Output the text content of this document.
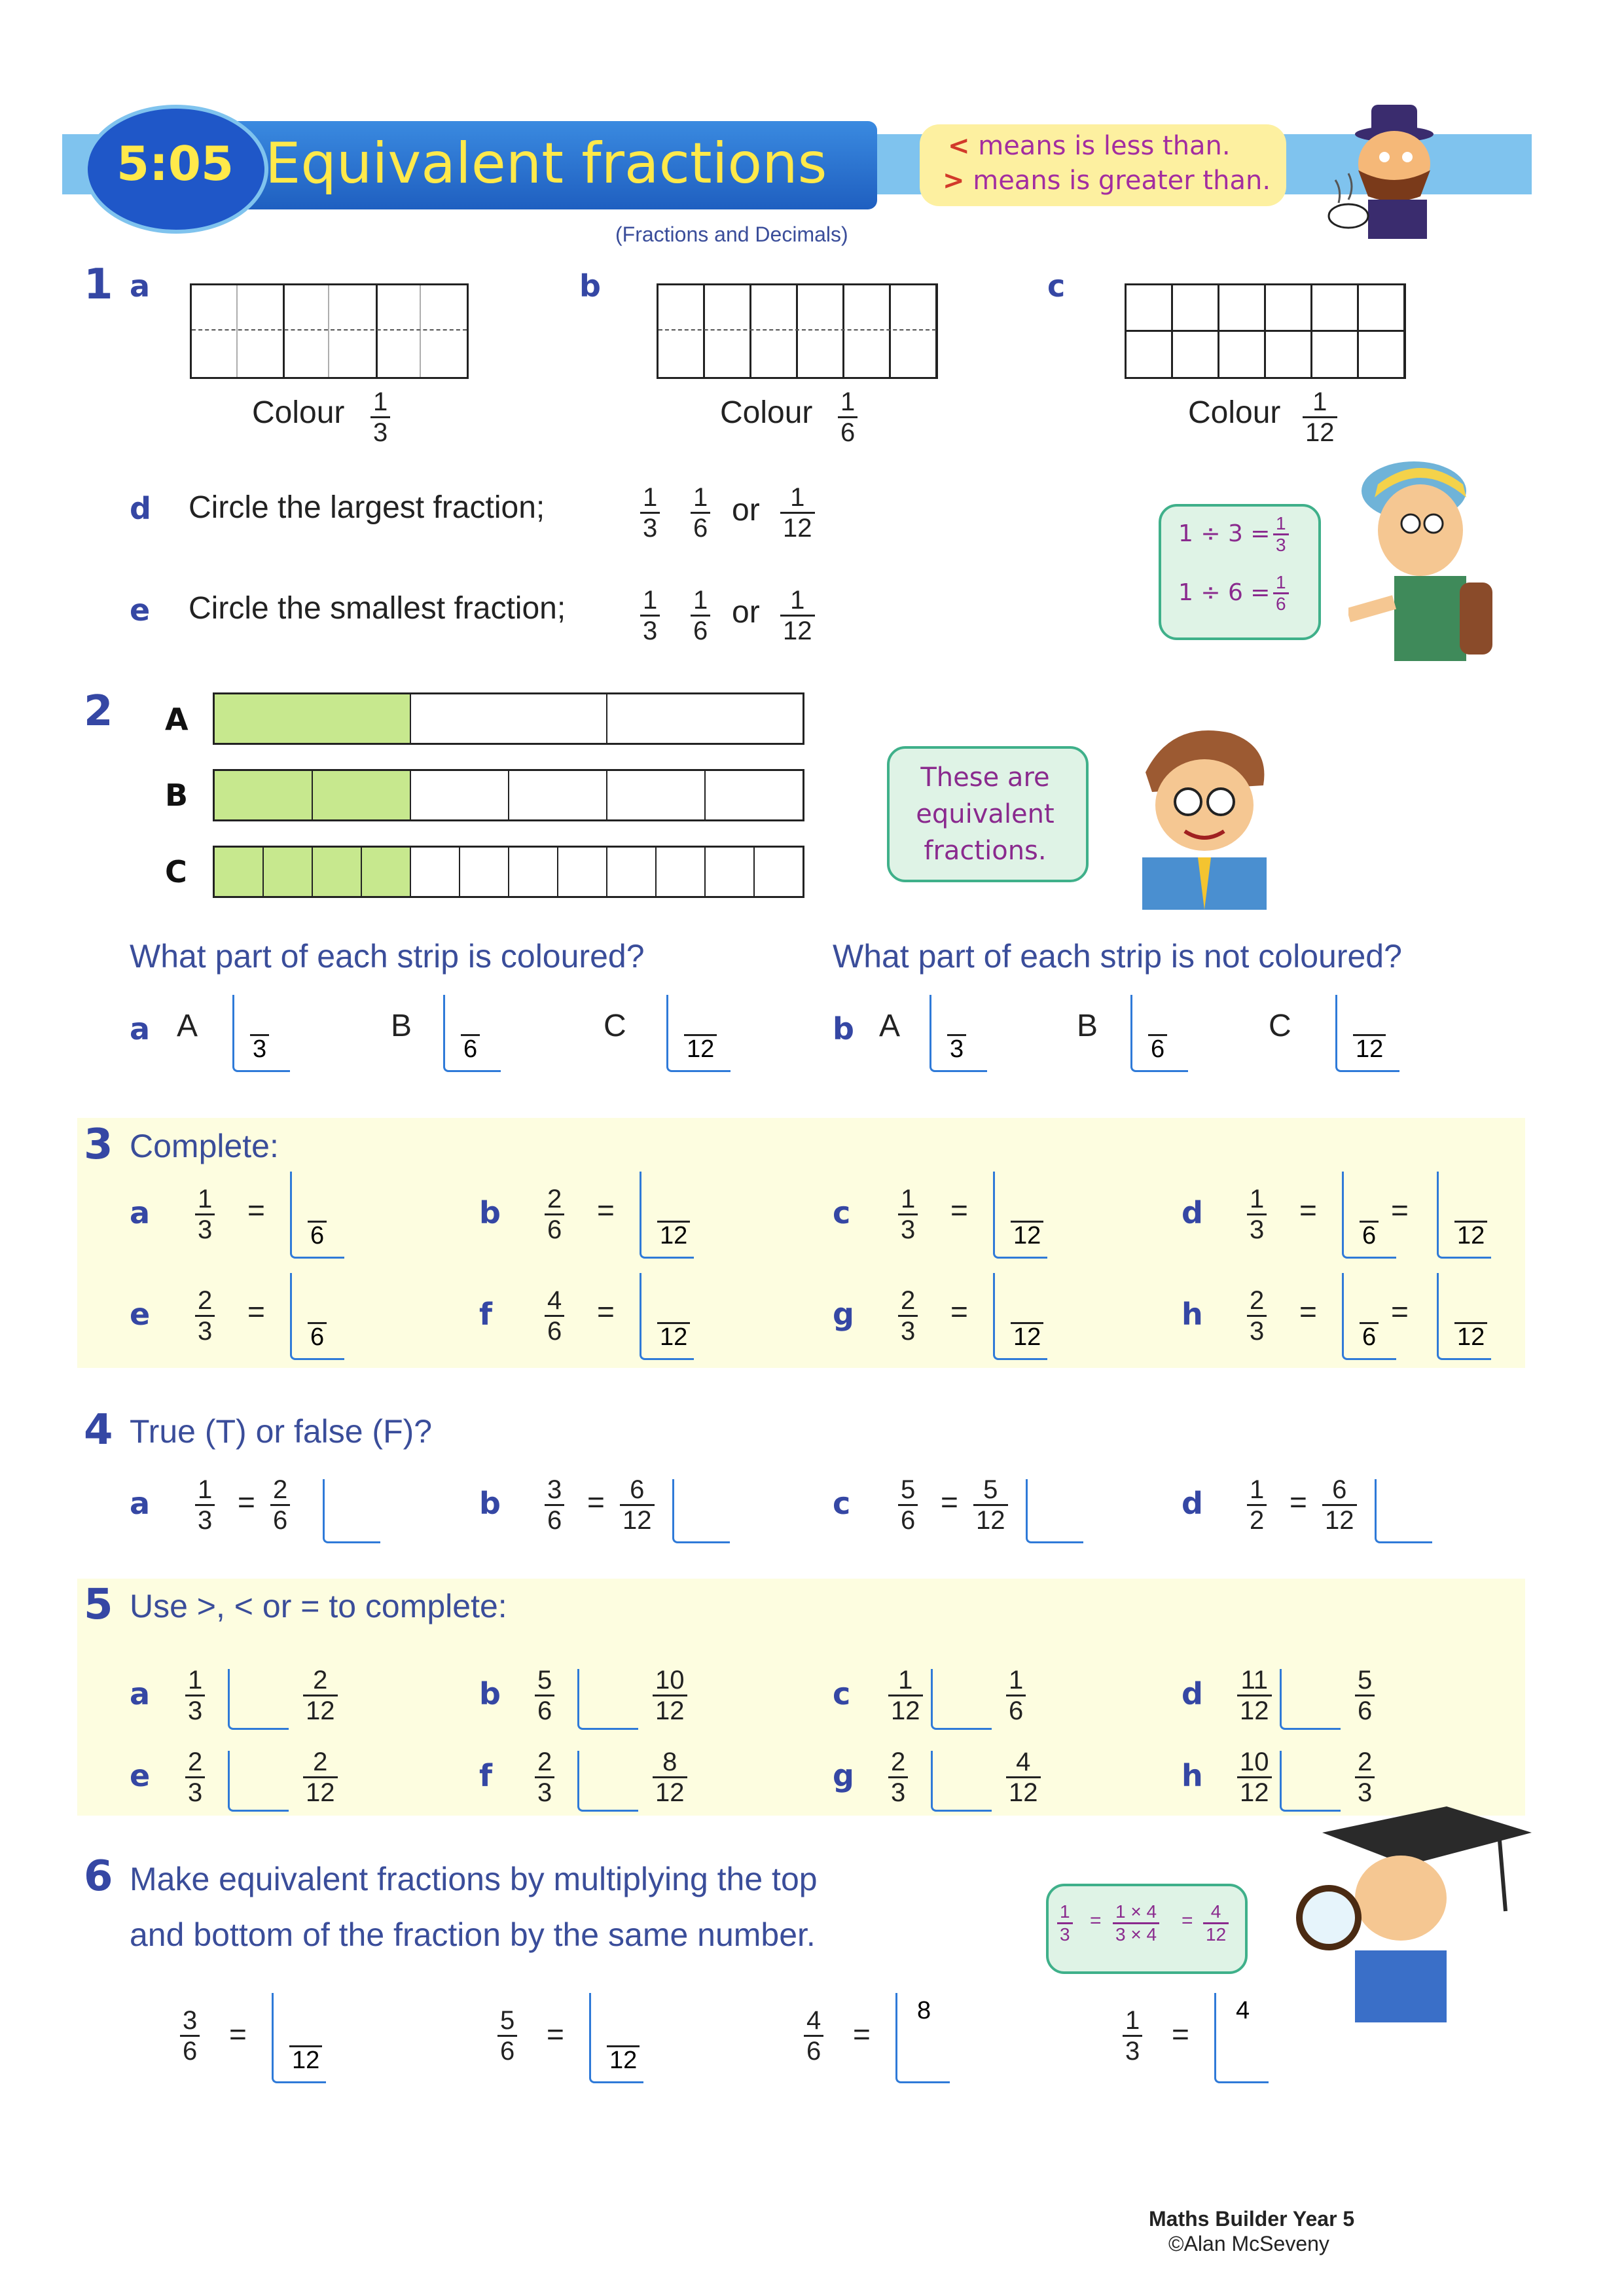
5:05 Equivalent fractions
(Fractions and Decimals)
< means is less than.
> means is greater than.
1 a	b	c
Colour $\frac{1}{3}$	Colour $\frac{1}{6}$	Colour $\frac{1}{12}$
d Circle the largest fraction;	$\frac{1}{3} \frac{1}{6}$ or $\frac{1}{12}$
e Circle the smallest fraction;	$\frac{1}{3} \frac{1}{6}$ or $\frac{1}{12}$
$1 \div 3 = \frac{1}{3}$
$1 \div 6 = \frac{1}{6}$
2 A
B
C
These are
equivalent
fractions.
What part of each strip is coloured?	What part of each strip is not coloured?
a A
3
B
6
C
12
b A
3
B
6
C
12
3 Complete:
a $\frac{1}{3}$ =
6
b $\frac{2}{6}$ =
12
c $\frac{1}{3}$ =
12
d $\frac{1}{3}$ =
6
=
12
e $\frac{2}{3}$ =
6
f $\frac{4}{6}$ =
12
g $\frac{2}{3}$ =
12
h $\frac{2}{3}$ =
6
=
12
4 True (T) or false (F)?
a $\frac{1}{3} = \frac{2}{6}$	b $\frac{3}{6} = \frac{6}{12}$	c $\frac{5}{6} = \frac{5}{12}$	d $\frac{1}{2} = \frac{6}{12}$
5 Use >, < or = to complete:
a $\frac{1}{3}$	$\frac{2}{12}$	b $\frac{5}{6}$	$\frac{10}{12}$	c $\frac{1}{12}$	$\frac{1}{6}$	d $\frac{11}{12}$	$\frac{5}{6}$
e $\frac{2}{3}$	$\frac{2}{12}$	f $\frac{2}{3}$	$\frac{8}{12}$	g $\frac{2}{3}$	$\frac{4}{12}$	h $\frac{10}{12}$	$\frac{2}{3}$
6 Make equivalent fractions by multiplying the top
and bottom of the fraction by the same number.
$\frac{3}{6}$ =
12	$\frac{5}{6}$ =
12	$\frac{4}{6}$ =
8	$\frac{1}{3}$ =
4
$\frac{1}{3} = \frac{1 \times 4}{3 \times 4} = \frac{4}{12}$
Maths Builder Year 5
©Alan McSeveny
